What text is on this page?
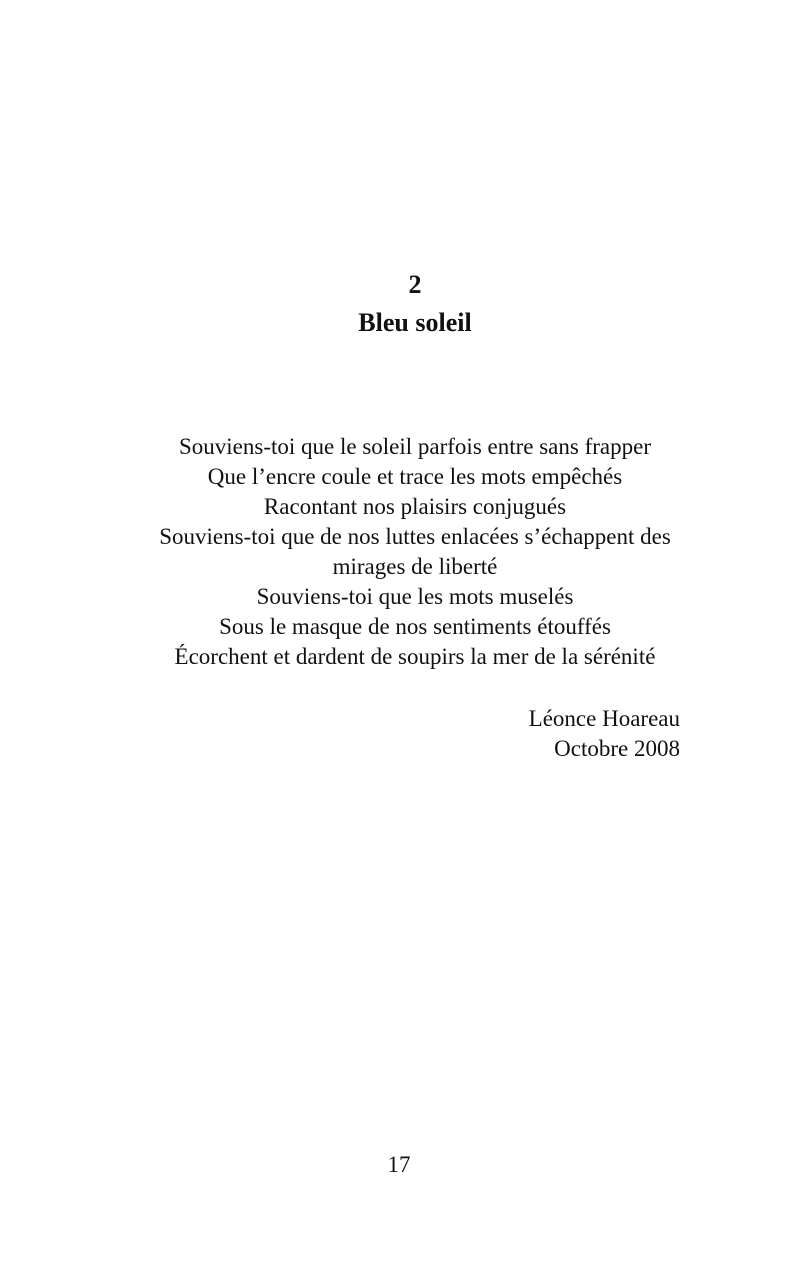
2
Bleu soleil
Souviens-toi que le soleil parfois entre sans frapper
Que l’encre coule et trace les mots empêchés
Racontant nos plaisirs conjugués
Souviens-toi que de nos luttes enlacées s’échappent des
mirages de liberté
Souviens-toi que les mots muselés
Sous le masque de nos sentiments étouffés
Écorchent et dardent de soupirs la mer de la sérénité
Léonce Hoareau
Octobre 2008
17
